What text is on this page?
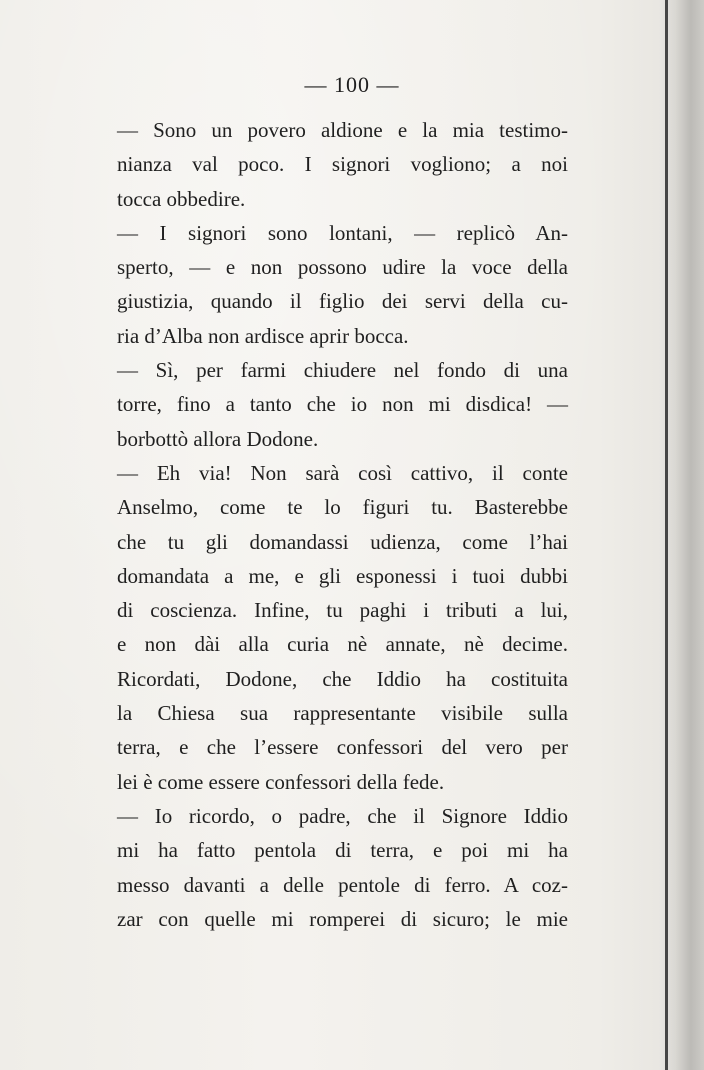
— 100 —
— Sono un povero aldione e la mia testimo-
nianza val poco. I signori vogliono; a noi
tocca obbedire.
— I signori sono lontani, — replicò An-
sperto, — e non possono udire la voce della
giustizia, quando il figlio dei servi della cu-
ria d’Alba non ardisce aprir bocca.
— Sì, per farmi chiudere nel fondo di una
torre, fino a tanto che io non mi disdica! —
borbottò allora Dodone.
— Eh via! Non sarà così cattivo, il conte
Anselmo, come te lo figuri tu. Basterebbe
che tu gli domandassi udienza, come l’hai
domandata a me, e gli esponessi i tuoi dubbi
di coscienza. Infine, tu paghi i tributi a lui,
e non dài alla curia nè annate, nè decime.
Ricordati, Dodone, che Iddio ha costituita
la Chiesa sua rappresentante visibile sulla
terra, e che l’essere confessori del vero per
lei è come essere confessori della fede.
— Io ricordo, o padre, che il Signore Iddio
mi ha fatto pentola di terra, e poi mi ha
messo davanti a delle pentole di ferro. A coz-
zar con quelle mi romperei di sicuro; le mie
